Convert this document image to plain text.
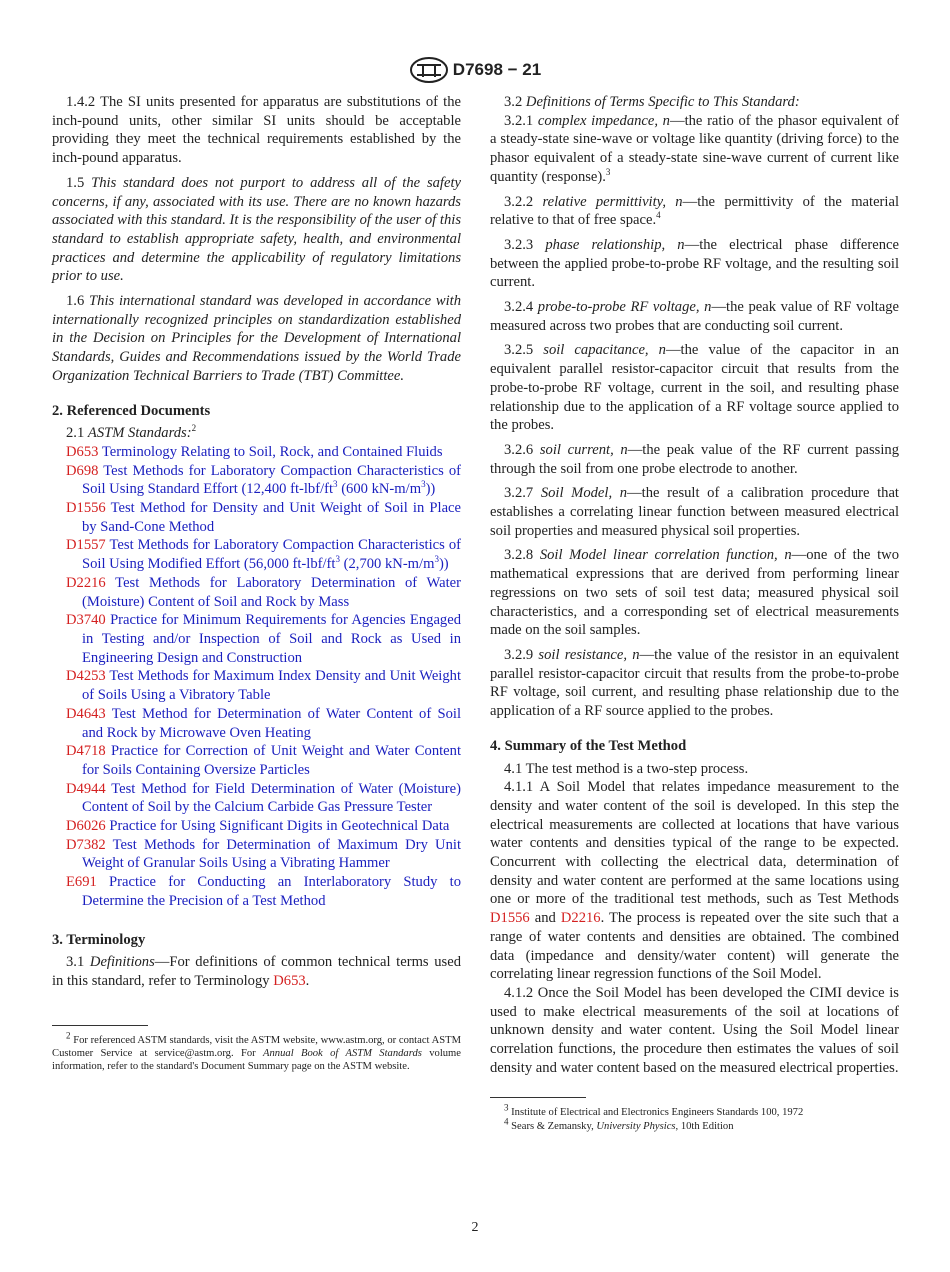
D7698 − 21

1.4.2 The SI units presented for apparatus are substitutions of the inch-pound units, other similar SI units should be acceptable providing they meet the technical requirements established by the inch-pound apparatus.

1.5 This standard does not purport to address all of the safety concerns, if any, associated with its use. There are no known hazards associated with this standard. It is the responsibility of the user of this standard to establish appropriate safety, health, and environmental practices and determine the applicability of regulatory limitations prior to use.

1.6 This international standard was developed in accordance with internationally recognized principles on standardization established in the Decision on Principles for the Development of International Standards, Guides and Recommendations issued by the World Trade Organization Technical Barriers to Trade (TBT) Committee.

2. Referenced Documents

2.1 ASTM Standards:$^2$

D653 Terminology Relating to Soil, Rock, and Contained Fluids

D698 Test Methods for Laboratory Compaction Characteristics of Soil Using Standard Effort (12,400 $ft-lbf/ft^3$ (600 $kN-m/m^3$))

D1556 Test Method for Density and Unit Weight of Soil in Place by Sand-Cone Method

D1557 Test Methods for Laboratory Compaction Characteristics of Soil Using Modified Effort (56,000 $ft-lbf/ft^3$ (2,700 $kN-m/m^3$))

D2216 Test Methods for Laboratory Determination of Water (Moisture) Content of Soil and Rock by Mass

D3740 Practice for Minimum Requirements for Agencies Engaged in Testing and/or Inspection of Soil and Rock as Used in Engineering Design and Construction

D4253 Test Methods for Maximum Index Density and Unit Weight of Soils Using a Vibratory Table

D4643 Test Method for Determination of Water Content of Soil and Rock by Microwave Oven Heating

D4718 Practice for Correction of Unit Weight and Water Content for Soils Containing Oversize Particles

D4944 Test Method for Field Determination of Water (Moisture) Content of Soil by the Calcium Carbide Gas Pressure Tester

D6026 Practice for Using Significant Digits in Geotechnical Data

D7382 Test Methods for Determination of Maximum Dry Unit Weight of Granular Soils Using a Vibrating Hammer

E691 Practice for Conducting an Interlaboratory Study to Determine the Precision of a Test Method

3. Terminology

3.1 Definitions—For definitions of common technical terms used in this standard, refer to Terminology D653.

$^2$ For referenced ASTM standards, visit the ASTM website, www.astm.org, or contact ASTM Customer Service at service@astm.org. For Annual Book of ASTM Standards volume information, refer to the standard's Document Summary page on the ASTM website.

3.2 Definitions of Terms Specific to This Standard:

3.2.1 complex impedance, n—the ratio of the phasor equivalent of a steady-state sine-wave or voltage like quantity (driving force) to the phasor equivalent of a steady-state sine-wave current of current like quantity (response).$^3$

3.2.2 relative permittivity, n—the permittivity of the material relative to that of free space.$^4$

3.2.3 phase relationship, n—the electrical phase difference between the applied probe-to-probe RF voltage, and the resulting soil current.

3.2.4 probe-to-probe RF voltage, n—the peak value of RF voltage measured across two probes that are conducting soil current.

3.2.5 soil capacitance, n—the value of the capacitor in an equivalent parallel resistor-capacitor circuit that results from the probe-to-probe RF voltage, current in the soil, and resulting phase relationship due to the application of a RF voltage source applied to the probes.

3.2.6 soil current, n—the peak value of the RF current passing through the soil from one probe electrode to another.

3.2.7 Soil Model, n—the result of a calibration procedure that establishes a correlating linear function between measured electrical soil properties and measured physical soil properties.

3.2.8 Soil Model linear correlation function, n—one of the two mathematical expressions that are derived from performing linear regressions on two sets of soil test data; measured physical soil characteristics, and a corresponding set of electrical measurements made on the soil samples.

3.2.9 soil resistance, n—the value of the resistor in an equivalent parallel resistor-capacitor circuit that results from the probe-to-probe RF voltage, soil current, and resulting phase relationship due to the application of a RF source applied to the probes.

4. Summary of the Test Method

4.1 The test method is a two-step process.

4.1.1 A Soil Model that relates impedance measurement to the density and water content of the soil is developed. In this step the electrical measurements are collected at locations that have various water contents and densities typical of the range to be expected. Concurrent with collecting the electrical data, determination of density and water content are performed at the same locations using one or more of the traditional test methods, such as Test Methods D1556 and D2216. The process is repeated over the site such that a range of water contents and densities are obtained. The combined data (impedance and density/water content) will generate the correlating linear regression functions of the Soil Model.

4.1.2 Once the Soil Model has been developed the CIMI device is used to make electrical measurements of the soil at locations of unknown density and water content. Using the Soil Model linear correlation functions, the procedure then estimates the values of soil density and water content based on the measured electrical properties.

$^3$ Institute of Electrical and Electronics Engineers Standards 100, 1972
$^4$ Sears & Zemansky, University Physics, 10th Edition
2
